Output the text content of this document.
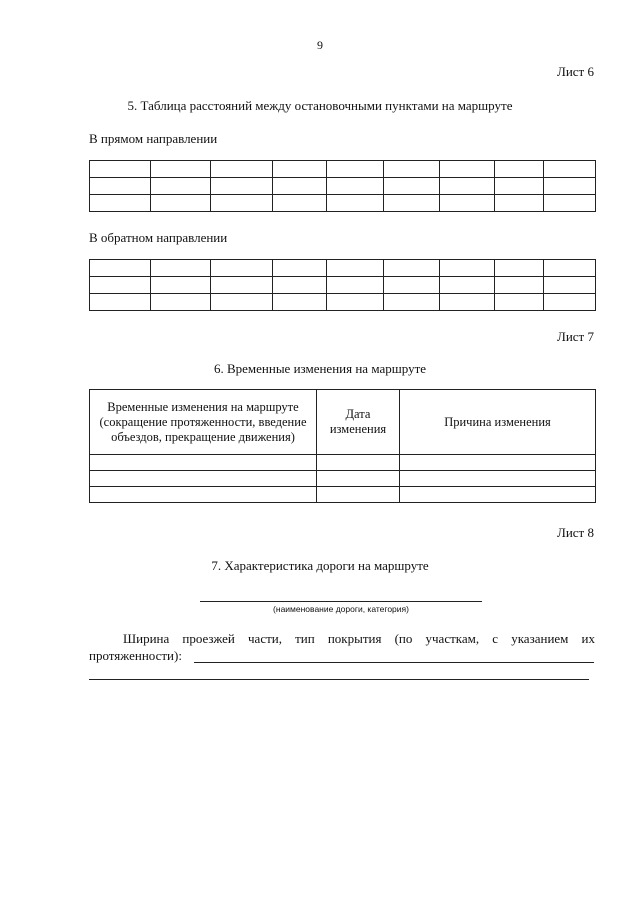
9
Лист 6
5. Таблица расстояний между остановочными пунктами на маршруте
В прямом направлении

В обратном направлении

Лист 7
6. Временные изменения на маршруте
Временные изменения на маршруте (сокращение протяженности, введение объездов, прекращение движения)	Дата изменения	Причина изменения

Лист 8
7. Характеристика дороги на маршруте
(наименование дороги, категория)
Ширина проезжей части, тип покрытия (по участкам, с указанием их протяженности):
